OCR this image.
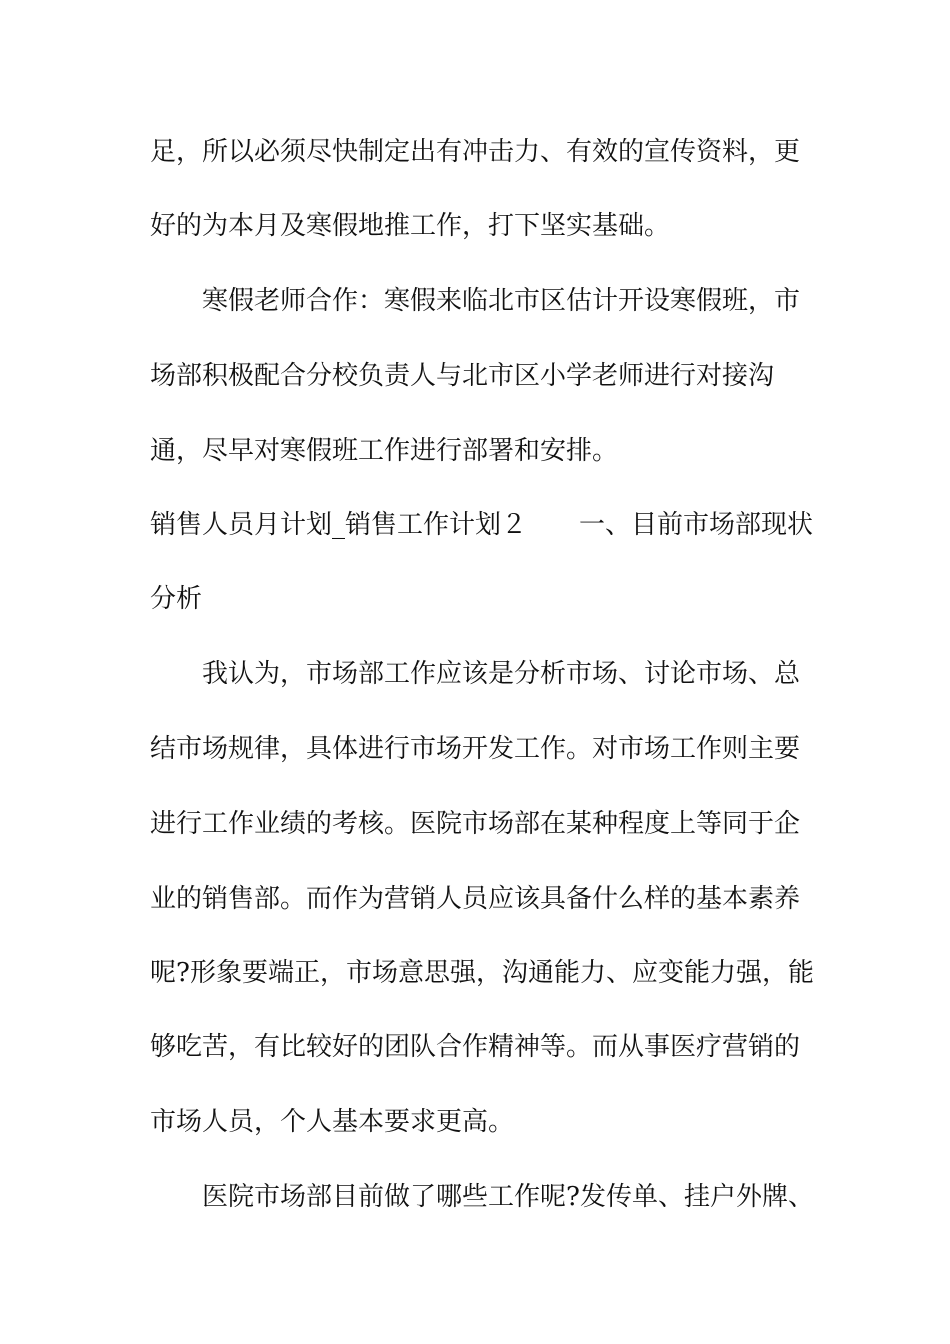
足，所以必须尽快制定出有冲击力、有效的宣传资料，更
好的为本月及寒假地推工作，打下坚实基础。
寒假老师合作：寒假来临北市区估计开设寒假班，市
场部积极配合分校负责人与北市区小学老师进行对接沟
通，尽早对寒假班工作进行部署和安排。
销售人员月计划_销售工作计划２　　一、目前市场部现状
分析
我认为，市场部工作应该是分析市场、讨论市场、总
结市场规律，具体进行市场开发工作。对市场工作则主要
进行工作业绩的考核。医院市场部在某种程度上等同于企
业的销售部。而作为营销人员应该具备什么样的基本素养
呢?形象要端正，市场意思强，沟通能力、应变能力强，能
够吃苦，有比较好的团队合作精神等。而从事医疗营销的
市场人员，个人基本要求更高。
医院市场部目前做了哪些工作呢?发传单、挂户外牌、
